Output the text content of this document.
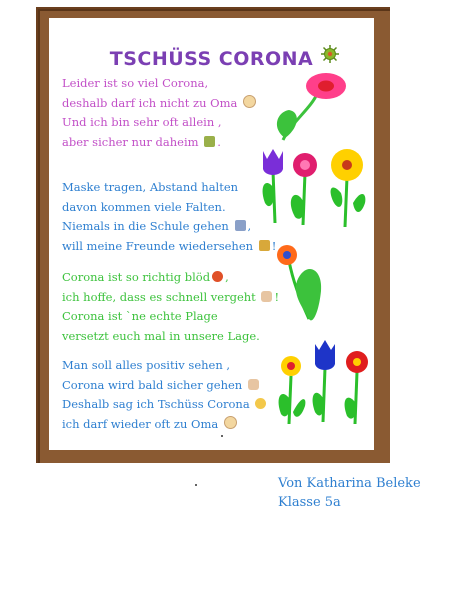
TSCHÜSS CORONA
Leider ist so viel Corona,
deshalb darf ich nicht zu Oma
Und ich bin sehr oft allein ,
aber sicher nur daheim .
Maske tragen, Abstand halten
davon kommen viele Falten.
Niemals in die Schule gehen ,
will meine Freunde wiedersehen !
Corona ist so richtig blöd ,
ich hoffe, dass es schnell vergeht !
Corona ist `ne echte Plage
versetzt euch mal in unsere Lage.
Man soll alles positiv sehen ,
Corona wird bald sicher gehen
Deshalb sag ich Tschüss Corona
ich darf wieder oft zu Oma
Von Katharina Beleke
Klasse 5a
